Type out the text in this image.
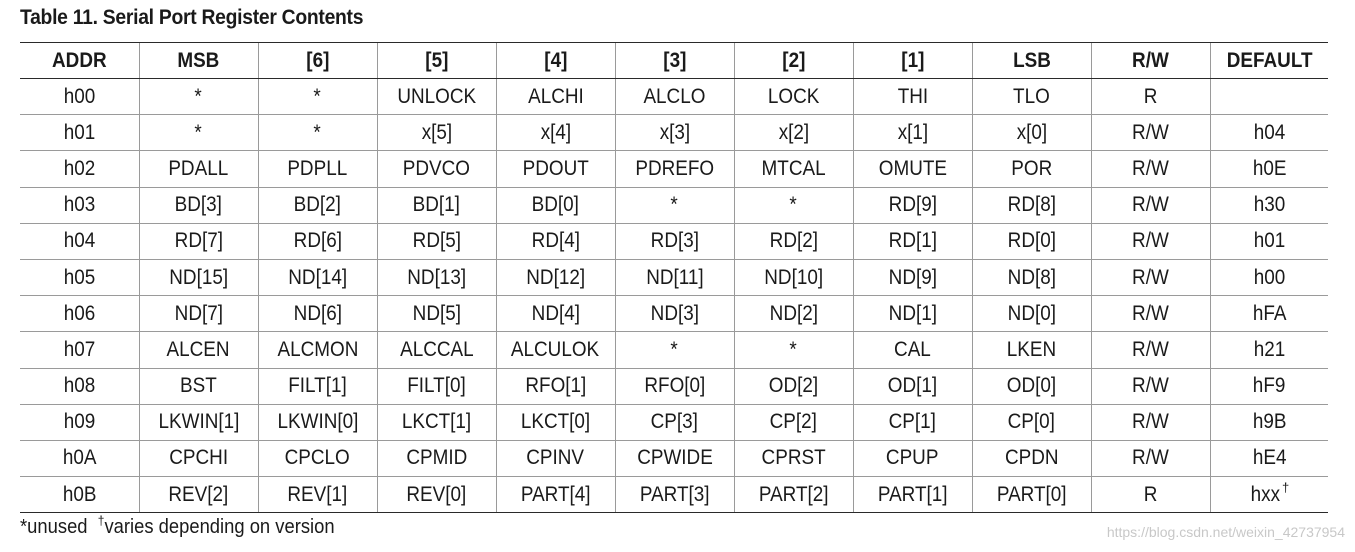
Table 11. Serial Port Register Contents
ADDR	MSB	[6]	[5]	[4]	[3]	[2]	[1]	LSB	R/W	DEFAULT
h00	*	*	UNLOCK	ALCHI	ALCLO	LOCK	THI	TLO	R	
h01	*	*	x[5]	x[4]	x[3]	x[2]	x[1]	x[0]	R/W	h04
h02	PDALL	PDPLL	PDVCO	PDOUT	PDREFO	MTCAL	OMUTE	POR	R/W	h0E
h03	BD[3]	BD[2]	BD[1]	BD[0]	*	*	RD[9]	RD[8]	R/W	h30
h04	RD[7]	RD[6]	RD[5]	RD[4]	RD[3]	RD[2]	RD[1]	RD[0]	R/W	h01
h05	ND[15]	ND[14]	ND[13]	ND[12]	ND[11]	ND[10]	ND[9]	ND[8]	R/W	h00
h06	ND[7]	ND[6]	ND[5]	ND[4]	ND[3]	ND[2]	ND[1]	ND[0]	R/W	hFA
h07	ALCEN	ALCMON	ALCCAL	ALCULOK	*	*	CAL	LKEN	R/W	h21
h08	BST	FILT[1]	FILT[0]	RFO[1]	RFO[0]	OD[2]	OD[1]	OD[0]	R/W	hF9
h09	LKWIN[1]	LKWIN[0]	LKCT[1]	LKCT[0]	CP[3]	CP[2]	CP[1]	CP[0]	R/W	h9B
h0A	CPCHI	CPCLO	CPMID	CPINV	CPWIDE	CPRST	CPUP	CPDN	R/W	hE4
h0B	REV[2]	REV[1]	REV[0]	PART[4]	PART[3]	PART[2]	PART[1]	PART[0]	R	hxx †
*unused †varies depending on version	https://blog.csdn.net/weixin_42737954
